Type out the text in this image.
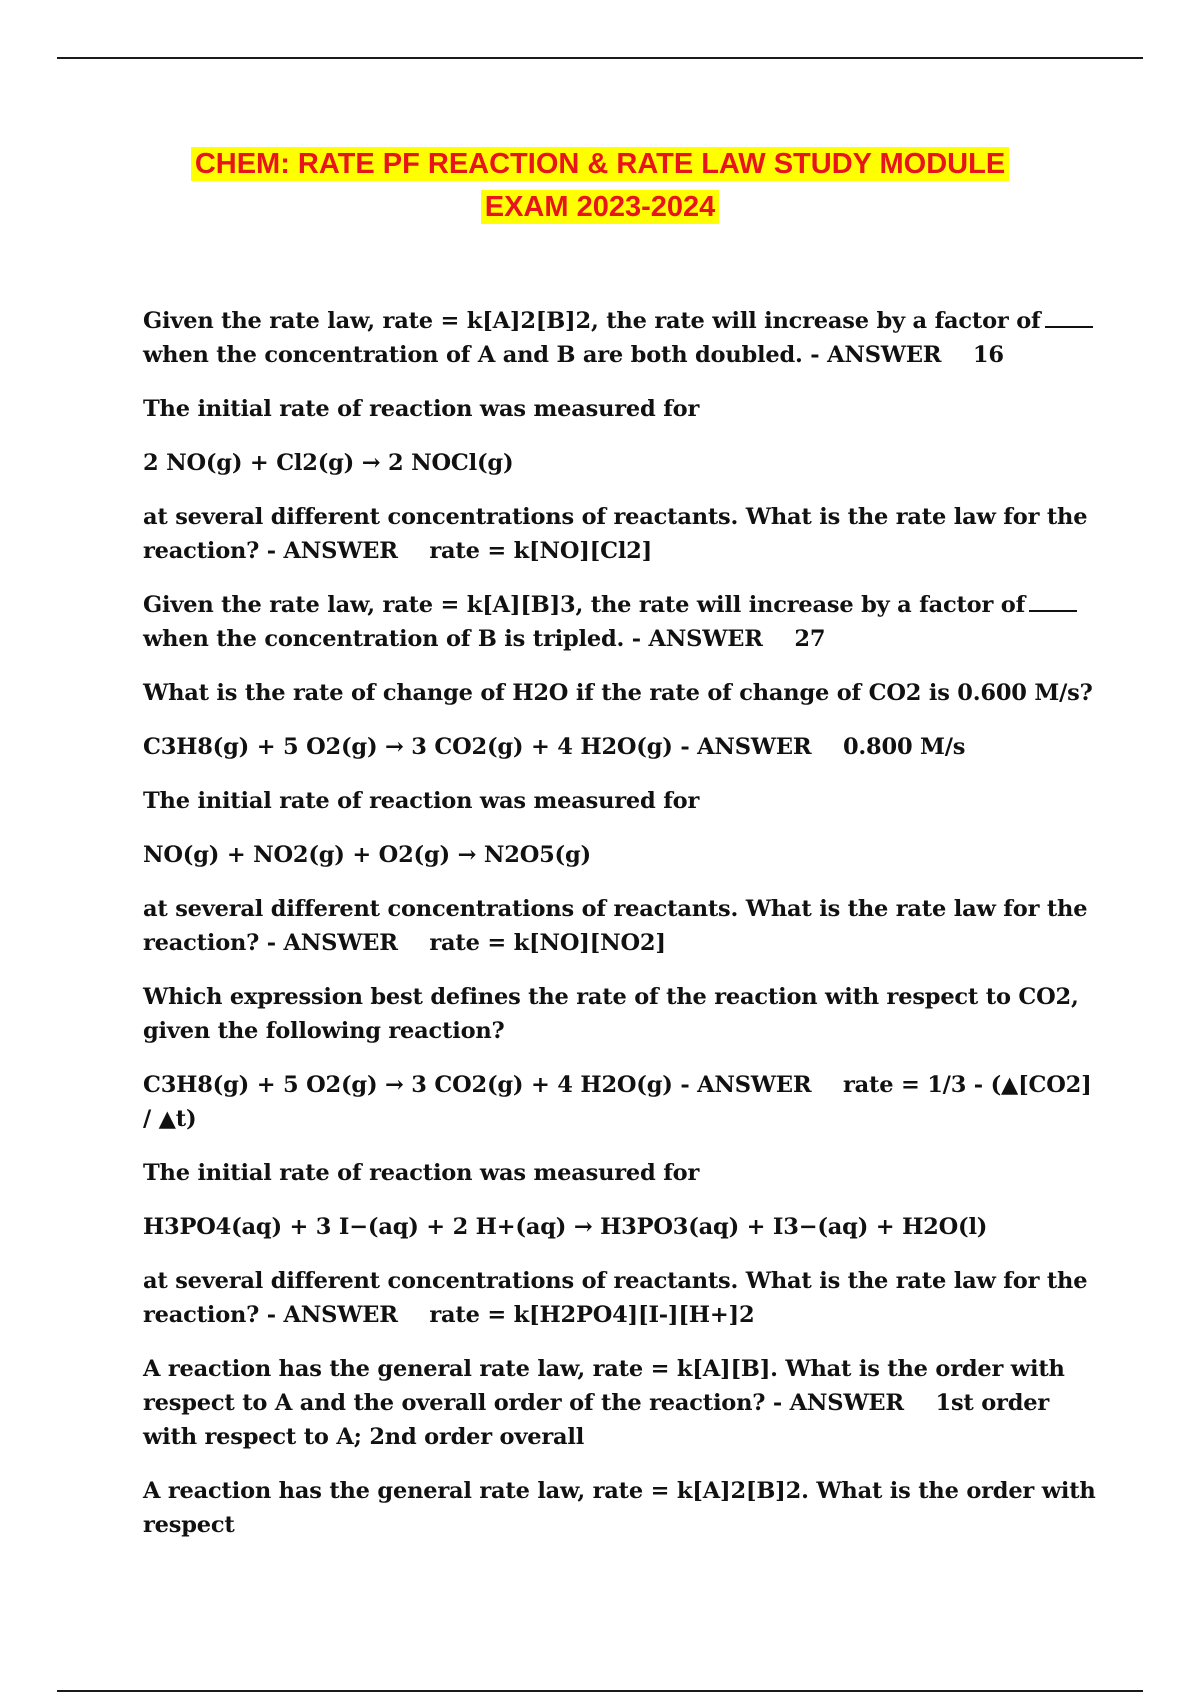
CHEM: RATE PF REACTION & RATE LAW STUDY MODULE
EXAM 2023-2024

Given the rate law, rate = k[A]2[B]2, the rate will increase by a factor ofwhen the concentration of A and B are both doubled. - ANSWER 16

The initial rate of reaction was measured for

2 NO(g) + Cl2(g) → 2 NOCl(g)

at several different concentrations of reactants. What is the rate law for the reaction? - ANSWER rate = k[NO][Cl2]

Given the rate law, rate = k[A][B]3, the rate will increase by a factor ofwhen the concentration of B is tripled. - ANSWER 27

What is the rate of change of H2O if the rate of change of CO2 is 0.600 M/s?

C3H8(g) + 5 O2(g) → 3 CO2(g) + 4 H2O(g) - ANSWER 0.800 M/s

The initial rate of reaction was measured for

NO(g) + NO2(g) + O2(g) → N2O5(g)

at several different concentrations of reactants. What is the rate law for the reaction? - ANSWER rate = k[NO][NO2]

Which expression best defines the rate of the reaction with respect to CO2, given the following reaction?

C3H8(g) + 5 O2(g) → 3 CO2(g) + 4 H2O(g) - ANSWER rate = 1/3 - (▲[CO2] / ▲t)

The initial rate of reaction was measured for

H3PO4(aq) + 3 I−(aq) + 2 H+(aq) → H3PO3(aq) + I3−(aq) + H2O(l)

at several different concentrations of reactants. What is the rate law for the reaction? - ANSWER rate = k[H2PO4][I-][H+]2

A reaction has the general rate law, rate = k[A][B]. What is the order with respect to A and the overall order of the reaction? - ANSWER 1st order with respect to A; 2nd order overall

A reaction has the general rate law, rate = k[A]2[B]2. What is the order with respect
